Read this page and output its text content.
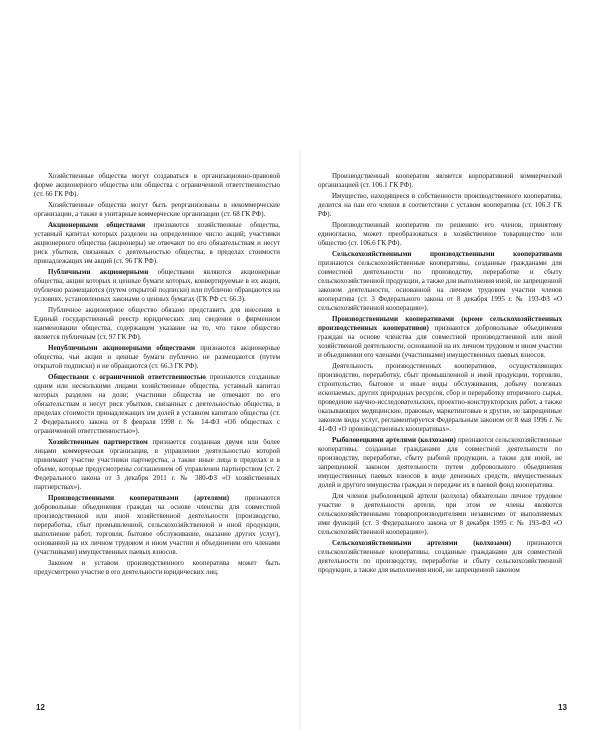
Хозяйственные общества могут создаваться в организационно-правовой форме акционерного общества или общества с ограниченной ответственностью (ст. 66 ГК РФ).

Хозяйственные общества могут быть реорганизованы в некоммерческие организации, а также в унитарные коммерческие организации (ст. 68 ГК РФ).

Акционерными обществами признаются хозяйственные общества, уставный капитал которых разделен на определенное число акций; участники акционерного общества (акционеры) не отвечают по его обязательствам и несут риск убытков, связанных с деятельностью общества, в пределах стоимости принадлежащих им акций (ст. 96 ГК РФ).

Публичными акционерными обществами являются акционерные общества, акции которых и ценные бумаги которых, конвертируемые в их акции, публично размещаются (путем открытой подписки) или публично обращаются на условиях, установленных законами о ценных бумагах (ГК РФ ст. 66.3).

Публичное акционерное общество обязано представить для внесения в Единый государственный реестр юридических лиц сведения о фирменном наименовании общества, содержащем указание на то, что такое общество является публичным (ст. 97 ГК РФ).

Непубличными акционерными обществами признаются акционерные общества, чьи акции и ценные бумаги публично не размещаются (путем открытой подписки) и не обращаются (ст. 66.3 ГК РФ).

Обществами с ограниченной ответственностью признаются созданные одним или несколькими лицами хозяйственные общества, уставный капитал которых разделен на доли; участники общества не отвечают по его обязательствам и несут риск убытков, связанных с деятельностью общества, в пределах стоимости принадлежащих им долей в уставном капитале общества (ст. 2 Федерального закона от 8 февраля 1998 г. № 14-ФЗ «Об обществах с ограниченной ответственностью»).

Хозяйственным партнерством признается созданная двумя или более лицами коммерческая организация, в управлении деятельностью которой принимают участие участники партнерства, а также иные лица в пределах и в объеме, которые предусмотрены соглашением об управлении партнерством (ст. 2 Федерального закона от 3 декабря 2011 г. № 380-ФЗ «О хозяйственных партнерствах»).

Производственными кооперативами (артелями) признаются добровольные объединения граждан на основе членства для совместной производственной или иной хозяйственной деятельности (производство, переработка, сбыт промышленной, сельскохозяйственной и иной продукции, выполнение работ, торговля, бытовое обслуживание, оказание других услуг), основанной на их личном трудовом и ином участии и объединении его членами (участниками) имущественных паевых взносов.

Законом и уставом производственного кооператива может быть предусмотрено участие в его деятельности юридических лиц.

Производственный кооператив является корпоративной коммерческой организацией (ст. 106.1 ГК РФ).

Имущество, находящееся в собственности производственного кооператива, делится на паи его членов в соответствии с уставом кооператива (ст. 106.3 ГК РФ).

Производственный кооператив по решению его членов, принятому единогласно, может преобразоваться в хозяйственное товарищество или общество (ст. 106.6 ГК РФ).

Сельскохозяйственными производственными кооперативами признаются сельскохозяйственные кооперативы, созданные гражданами для совместной деятельности по производству, переработке и сбыту сельскохозяйственной продукции, а также для выполнения иной, не запрещенной законом деятельности, основанной на личном трудовом участии членов кооператива (ст. 3 Федерального закона от 8 декабря 1995 г. № 193-ФЗ «О сельскохозяйственной кооперации»).

Производственными кооперативами (кроме сельскохозяйственных производственных кооперативов) признаются добровольные объединения граждан на основе членства для совместной производственной или иной хозяйственной деятельности, основанной на их личном трудовом и ином участии и объединении его членами (участниками) имущественных паевых взносов.

Деятельность производственных кооперативов, осуществляющих производство, переработку, сбыт промышленной и иной продукции, торговлю, строительство, бытовое и иные виды обслуживания, добычу полезных ископаемых, других природных ресурсов, сбор и переработку вторичного сырья, проведение научно-исследовательских, проектно-конструкторских работ, а также оказывающих медицинские, правовые, маркетинговые и другие, не запрещенные законом виды услуг, регламентируется Федеральным законом от 8 мая 1996 г. № 41-ФЗ «О производственных кооперативах».

Рыболовецкими артелями (колхозами) признаются сельскохозяйственные кооперативы, созданные гражданами для совместной деятельности по производству, переработке, сбыту рыбной продукции, а также для иной, не запрещенной законом деятельности путем добровольного объединения имущественных паевых взносов в виде денежных средств, имущественных долей и другого имущества граждан и передачи их в паевой фонд кооператива.

Для членов рыболовецкой артели (колхоза) обязательно личное трудовое участие в деятельности артели, при этом ее члены являются сельскохозяйственными товаропроизводителями независимо от выполняемых ими функций (ст. 3 Федерального закона от 8 декабря 1995 г. № 193-ФЗ «О сельскохозяйственной кооперации»).

Сельскохозяйственными артелями (колхозами) признаются сельскохозяйственные кооперативы, созданные гражданами для совместной деятельности по производству, переработке и сбыту сельскохозяйственной продукции, а также для выполнения иной, не запрещенной законом

12	13
